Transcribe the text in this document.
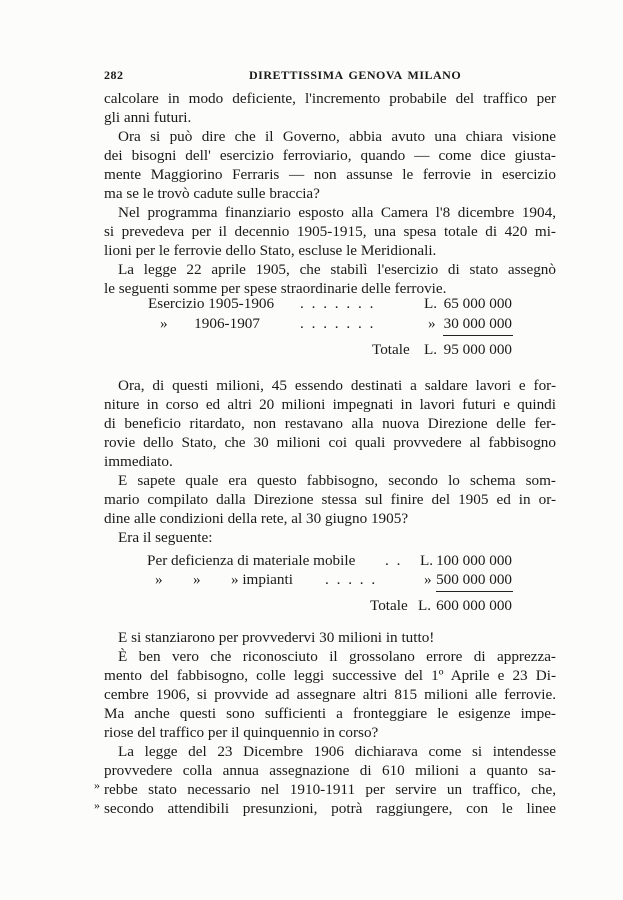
282	DIRETTISSIMA GENOVA MILANO
calcolare in modo deficiente, l'incremento probabile del traffico per
gli anni futuri.
Ora si può dire che il Governo, abbia avuto una chiara visione
dei bisogni dell' esercizio ferroviario, quando — come dice giusta-
mente Maggiorino Ferraris — non assunse le ferrovie in esercizio
ma se le trovò cadute sulle braccia?
Nel programma finanziario esposto alla Camera l'8 dicembre 1904,
si prevedeva per il decennio 1905-1915, una spesa totale di 420 mi-
lioni per le ferrovie dello Stato, escluse le Meridionali.
La legge 22 aprile 1905, che stabilì l'esercizio di stato assegnò
le seguenti somme per spese straordinarie delle ferrovie.
Esercizio 1905-1906 . . . . . . .	L. 65 000 000
»       1906-1907	. . . . . . .	» 30 000 000
Totale L. 95 000 000
Ora, di questi milioni, 45 essendo destinati a saldare lavori e for-
niture in corso ed altri 20 milioni impegnati in lavori futuri e quindi
di beneficio ritardato, non restavano alla nuova Direzione delle fer-
rovie dello Stato, che 30 milioni coi quali provvedere al fabbisogno
immediato.
E sapete quale era questo fabbisogno, secondo lo schema som-
mario compilato dalla Direzione stessa sul finire del 1905 ed in or-
dine alle condizioni della rete, al 30 giugno 1905?
Era il seguente:
Per deficienza di materiale mobile . . L. 100 000 000
»        »        » impianti . . . . .	» 500 000 000
Totale L. 600 000 000
E si stanziarono per provvedervi 30 milioni in tutto!
È ben vero che riconosciuto il grossolano errore di apprezza-
mento del fabbisogno, colle leggi successive del 1º Aprile e 23 Di-
cembre 1906, si provvide ad assegnare altri 815 milioni alle ferrovie.
Ma anche questi sono sufficienti a fronteggiare le esigenze impe-
riose del traffico per il quinquennio in corso?
La legge del 23 Dicembre 1906 dichiarava come si intendesse
provvedere colla annua assegnazione di 610 milioni a quanto sa-
rebbe stato necessario nel 1910-1911 per servire un traffico, che,
secondo attendibili presunzioni, potrà raggiungere, con le linee
»
»
